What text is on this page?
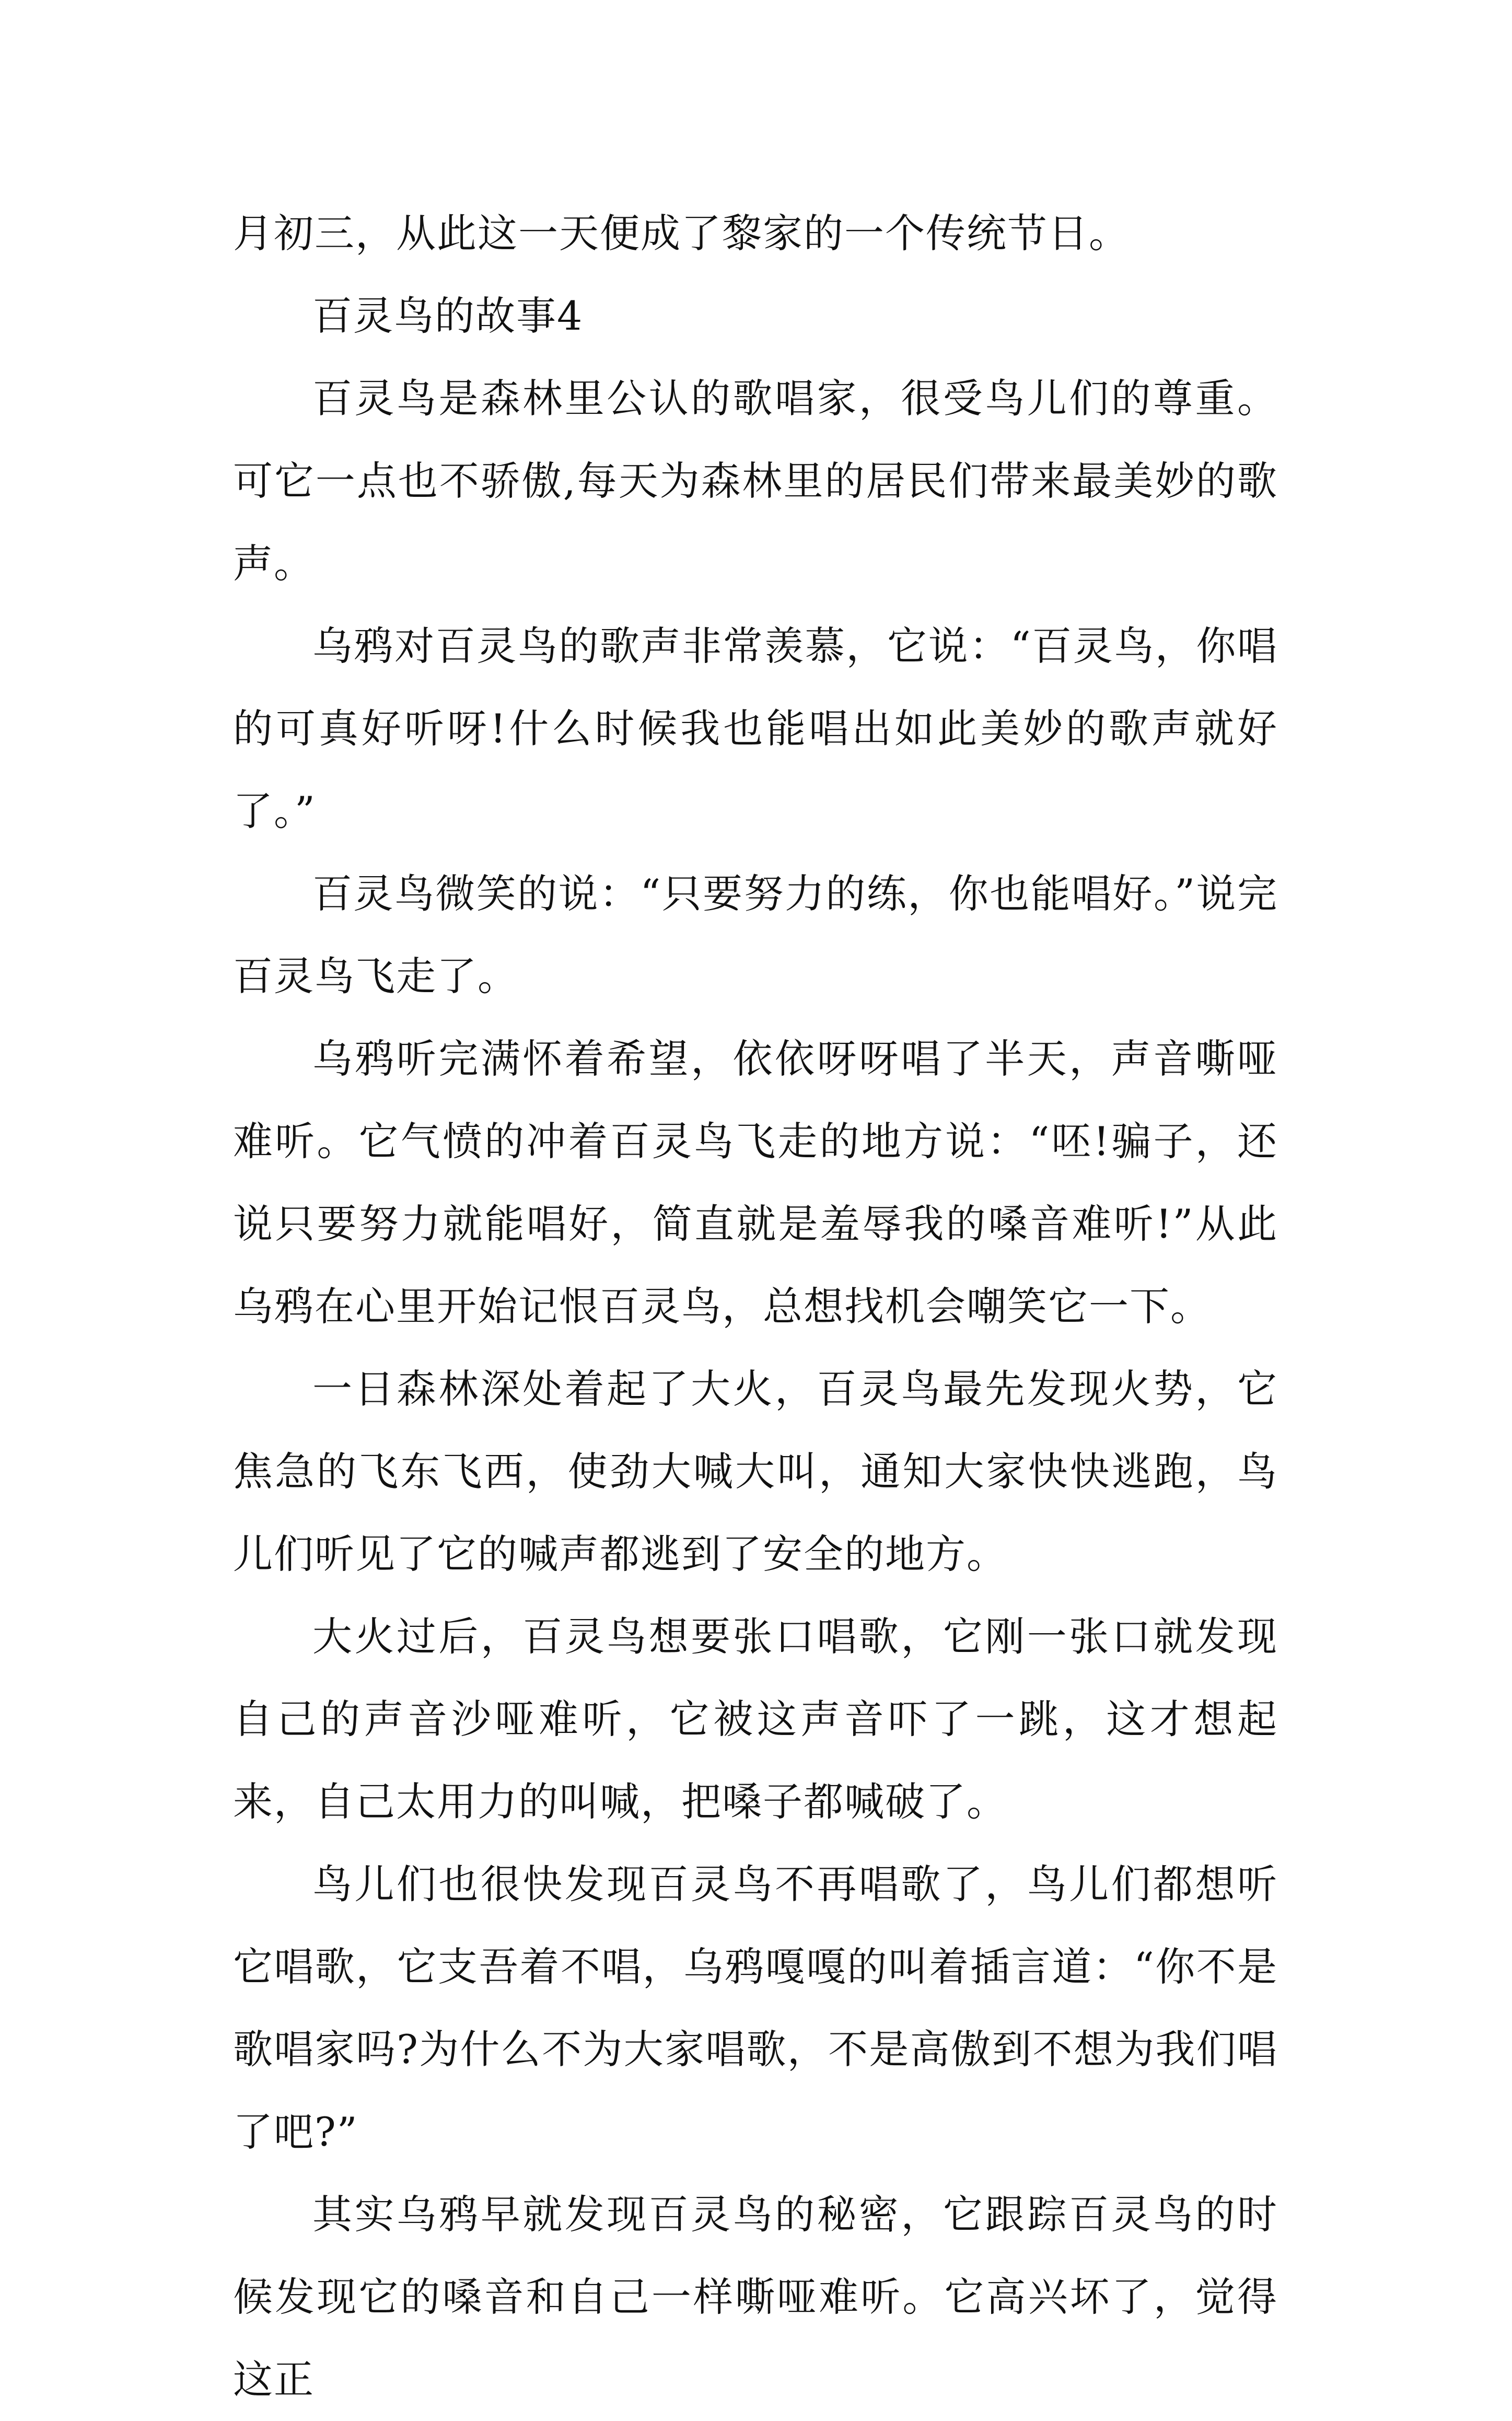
月初三，从此这一天便成了黎家的一个传统节日。

百灵鸟的故事4

百灵鸟是森林里公认的歌唱家，很受鸟儿们的尊重。可它一点也不骄傲,每天为森林里的居民们带来最美妙的歌声。

乌鸦对百灵鸟的歌声非常羡慕，它说：“百灵鸟，你唱的可真好听呀!什么时候我也能唱出如此美妙的歌声就好了。”

百灵鸟微笑的说：“只要努力的练，你也能唱好。”说完百灵鸟飞走了。

乌鸦听完满怀着希望，依依呀呀唱了半天，声音嘶哑难听。它气愤的冲着百灵鸟飞走的地方说：“呸!骗子，还说只要努力就能唱好，简直就是羞辱我的嗓音难听!”从此乌鸦在心里开始记恨百灵鸟，总想找机会嘲笑它一下。

一日森林深处着起了大火，百灵鸟最先发现火势，它焦急的飞东飞西，使劲大喊大叫，通知大家快快逃跑，鸟儿们听见了它的喊声都逃到了安全的地方。

大火过后，百灵鸟想要张口唱歌，它刚一张口就发现自己的声音沙哑难听，它被这声音吓了一跳，这才想起来，自己太用力的叫喊，把嗓子都喊破了。

鸟儿们也很快发现百灵鸟不再唱歌了，鸟儿们都想听它唱歌，它支吾着不唱，乌鸦嘎嘎的叫着插言道：“你不是歌唱家吗?为什么不为大家唱歌，不是高傲到不想为我们唱了吧?”

其实乌鸦早就发现百灵鸟的秘密，它跟踪百灵鸟的时候发现它的嗓音和自己一样嘶哑难听。它高兴坏了，觉得这正
